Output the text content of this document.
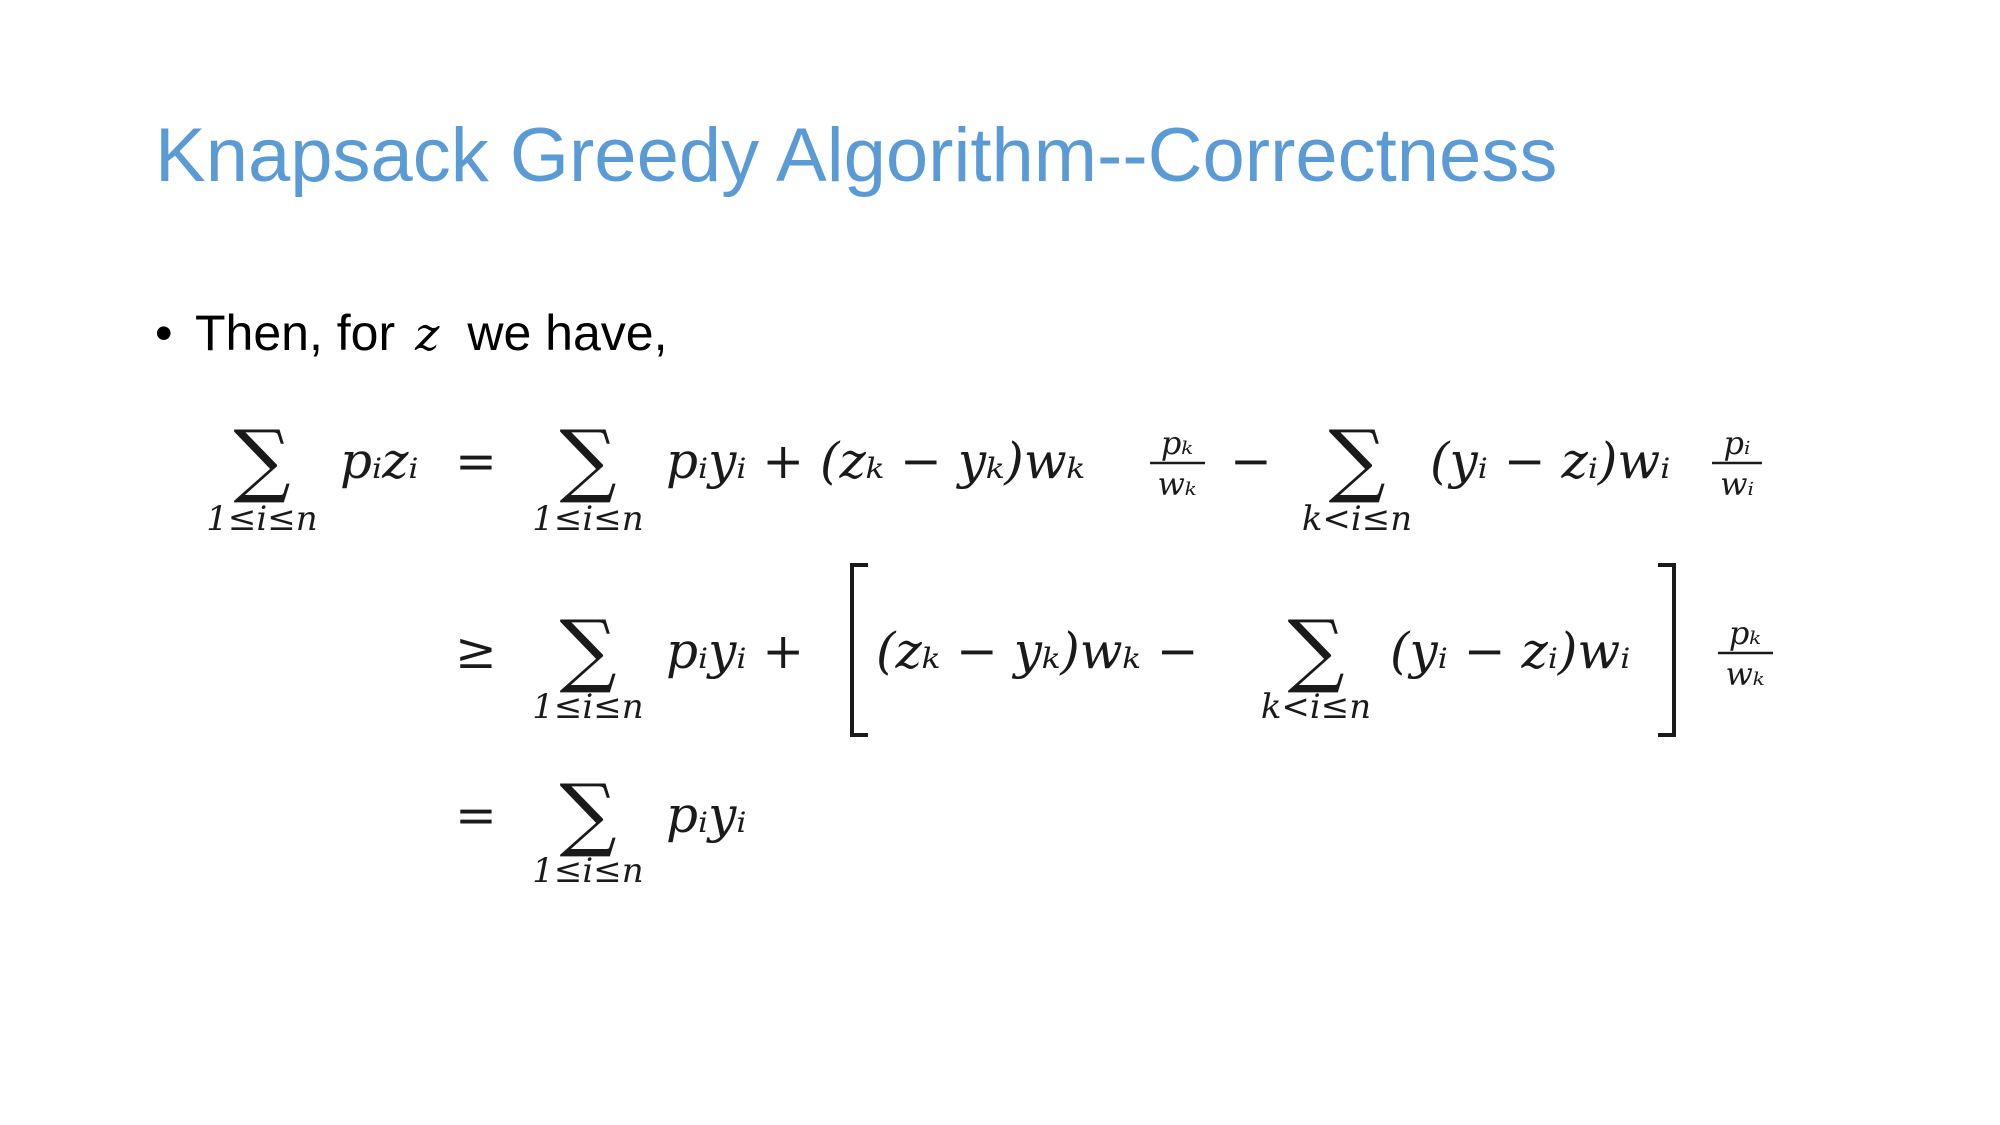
Knapsack Greedy Algorithm--Correctness
• Then, for z we have,
∑
1≤i≤n
pᵢzᵢ = ∑
1≤i≤n
pᵢyᵢ + (zₖ − yₖ)wₖ pₖ
wₖ − ∑
k<i≤n
(yᵢ − zᵢ)wᵢ pᵢ
wᵢ
≥ ∑
1≤i≤n
pᵢyᵢ + (zₖ − yₖ)wₖ − ∑
k<i≤n
(yᵢ − zᵢ)wᵢ	pₖ
wₖ
= ∑
1≤i≤n
pᵢyᵢ
